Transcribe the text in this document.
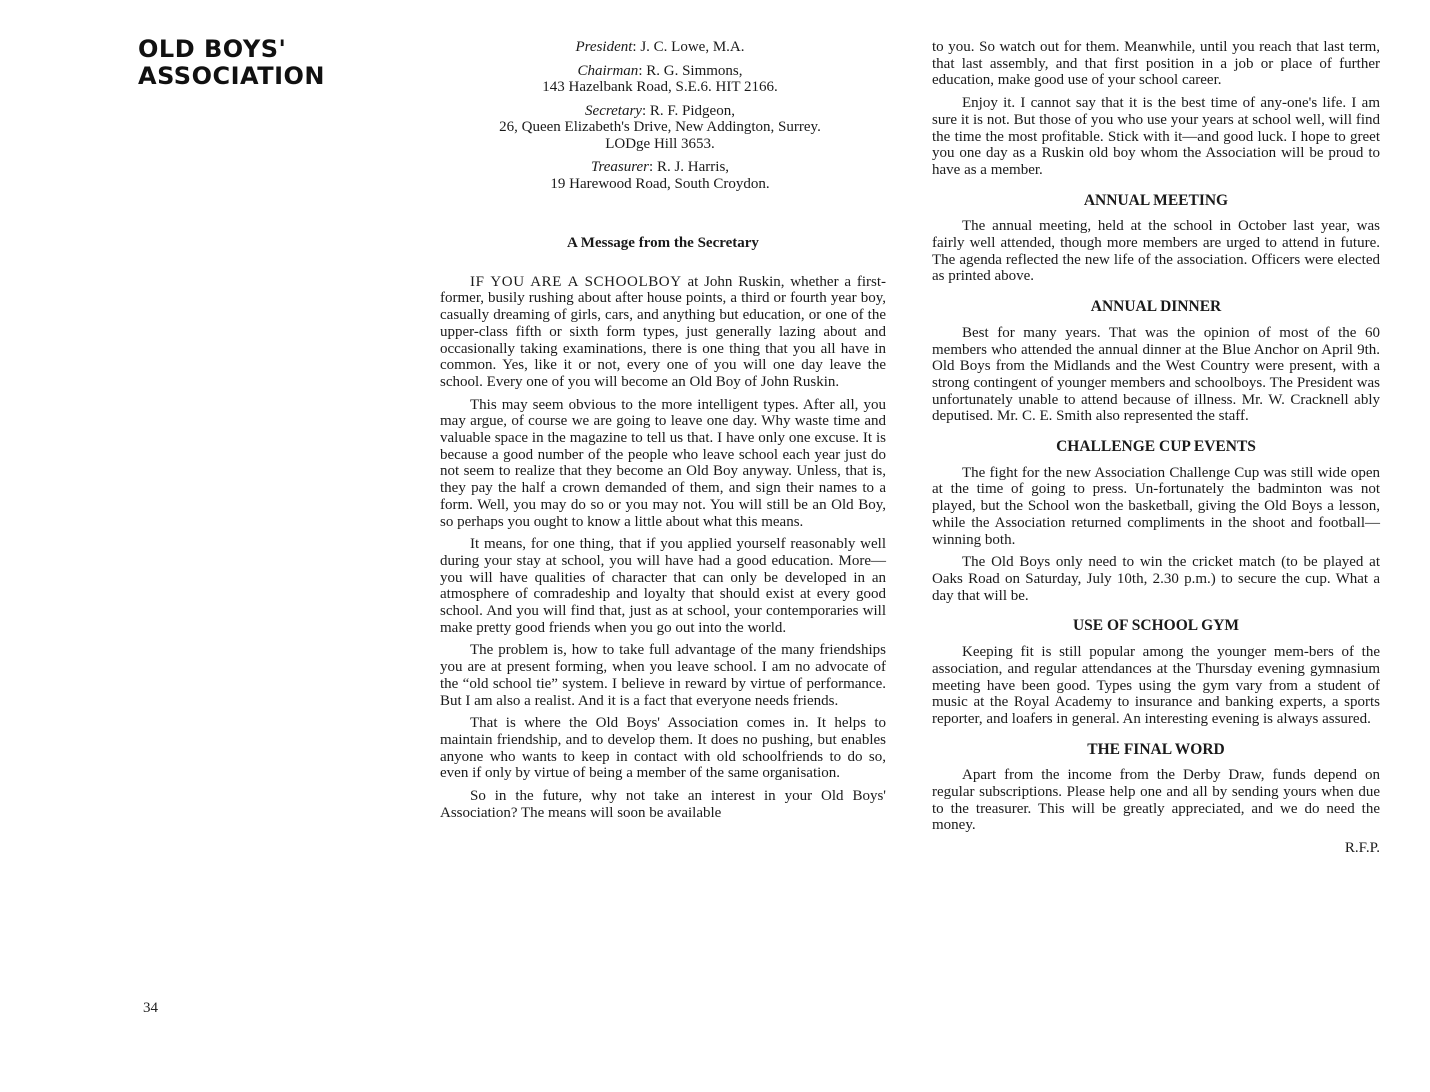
OLD BOYS'
ASSOCIATION
34
President: J. C. Lowe, M.A.
Chairman: R. G. Simmons,
143 Hazelbank Road, S.E.6. HIT 2166.
Secretary: R. F. Pidgeon,
26, Queen Elizabeth's Drive, New Addington, Surrey.
LODge Hill 3653.
Treasurer: R. J. Harris,
19 Harewood Road, South Croydon.
A Message from the Secretary

IF YOU ARE A SCHOOLBOY at John Ruskin, whether a first-former, busily rushing about after house points, a third or fourth year boy, casually dreaming of girls, cars, and anything but education, or one of the upper-class fifth or sixth form types, just generally lazing about and occasionally taking examinations, there is one thing that you all have in common. Yes, like it or not, every one of you will one day leave the school. Every one of you will become an Old Boy of John Ruskin.

This may seem obvious to the more intelligent types. After all, you may argue, of course we are going to leave one day. Why waste time and valuable space in the magazine to tell us that. I have only one excuse. It is because a good number of the people who leave school each year just do not seem to realize that they become an Old Boy anyway. Unless, that is, they pay the half a crown demanded of them, and sign their names to a form. Well, you may do so or you may not. You will still be an Old Boy, so perhaps you ought to know a little about what this means.

It means, for one thing, that if you applied yourself reasonably well during your stay at school, you will have had a good education. More—you will have qualities of character that can only be developed in an atmosphere of comradeship and loyalty that should exist at every good school. And you will find that, just as at school, your contemporaries will make pretty good friends when you go out into the world.

The problem is, how to take full advantage of the many friendships you are at present forming, when you leave school. I am no advocate of the “old school tie” system. I believe in reward by virtue of performance. But I am also a realist. And it is a fact that everyone needs friends.

That is where the Old Boys' Association comes in. It helps to maintain friendship, and to develop them. It does no pushing, but enables anyone who wants to keep in contact with old schoolfriends to do so, even if only by virtue of being a member of the same organisation.

So in the future, why not take an interest in your Old Boys' Association? The means will soon be available

to you. So watch out for them. Meanwhile, until you reach that last term, that last assembly, and that first position in a job or place of further education, make good use of your school career.

Enjoy it. I cannot say that it is the best time of any-one's life. I am sure it is not. But those of you who use your years at school well, will find the time the most profitable. Stick with it—and good luck. I hope to greet you one day as a Ruskin old boy whom the Association will be proud to have as a member.

ANNUAL MEETING

The annual meeting, held at the school in October last year, was fairly well attended, though more members are urged to attend in future. The agenda reflected the new life of the association. Officers were elected as printed above.

ANNUAL DINNER

Best for many years. That was the opinion of most of the 60 members who attended the annual dinner at the Blue Anchor on April 9th. Old Boys from the Midlands and the West Country were present, with a strong contingent of younger members and schoolboys. The President was unfortunately unable to attend because of illness. Mr. W. Cracknell ably deputised. Mr. C. E. Smith also represented the staff.

CHALLENGE CUP EVENTS

The fight for the new Association Challenge Cup was still wide open at the time of going to press. Un-fortunately the badminton was not played, but the School won the basketball, giving the Old Boys a lesson, while the Association returned compliments in the shoot and football—winning both.

The Old Boys only need to win the cricket match (to be played at Oaks Road on Saturday, July 10th, 2.30 p.m.) to secure the cup. What a day that will be.

USE OF SCHOOL GYM

Keeping fit is still popular among the younger mem-bers of the association, and regular attendances at the Thursday evening gymnasium meeting have been good. Types using the gym vary from a student of music at the Royal Academy to insurance and banking experts, a sports reporter, and loafers in general. An interesting evening is always assured.

THE FINAL WORD

Apart from the income from the Derby Draw, funds depend on regular subscriptions. Please help one and all by sending yours when due to the treasurer. This will be greatly appreciated, and we do need the money.

R.F.P.
